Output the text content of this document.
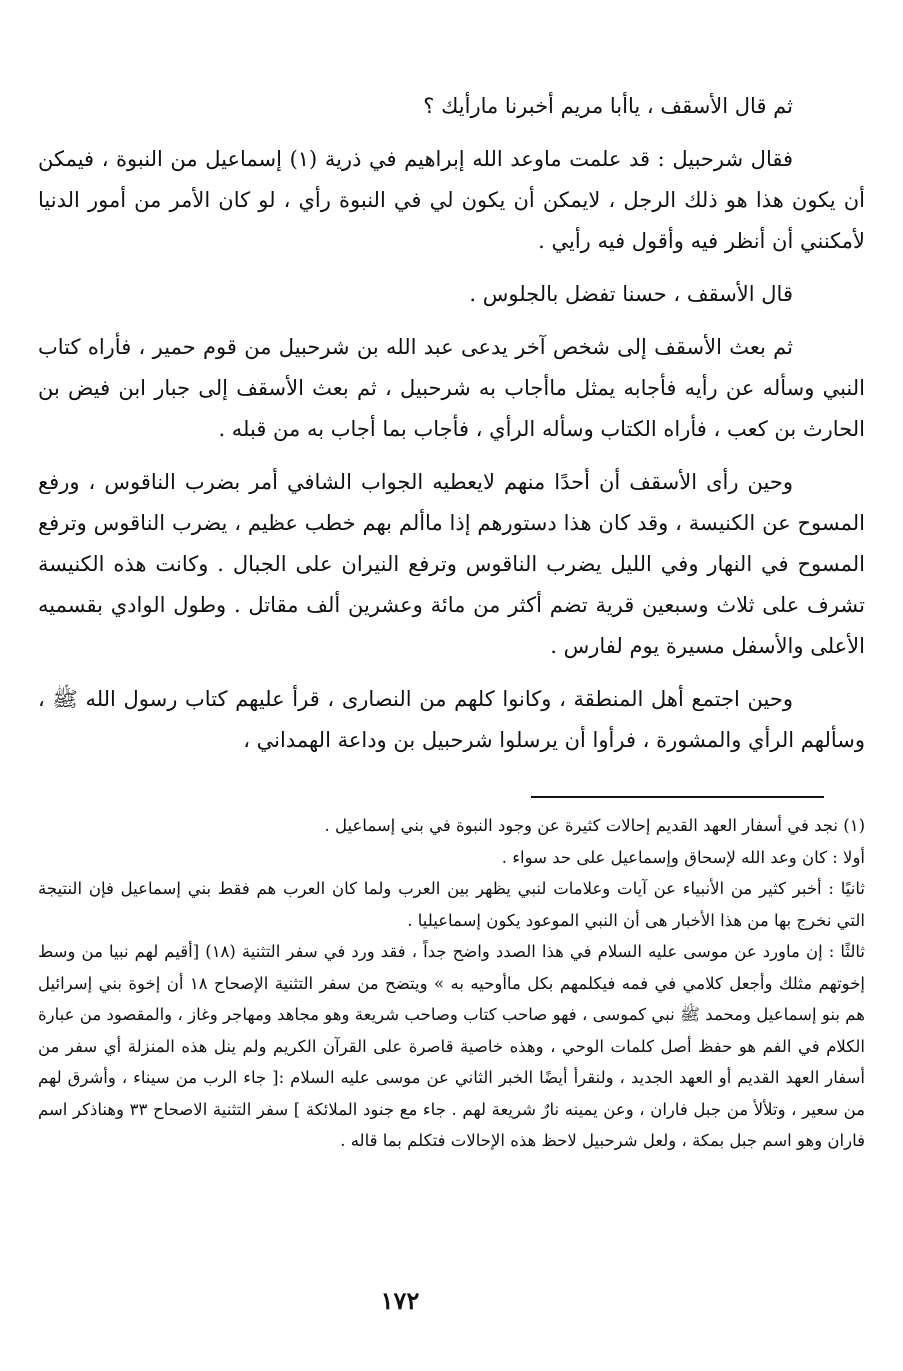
ثم قال الأسقف ، ياأبا مريم أخبرنا مارأيك ؟

فقال شرحبيل : قد علمت ماوعد الله إبراهيم في ذرية (١) إسماعيل من النبوة ، فيمكن أن يكون هذا هو ذلك الرجل ، لايمكن أن يكون لي في النبوة رأي ، لو كان الأمر من أمور الدنيا لأمكنني أن أنظر فيه وأقول فيه رأيي .

قال الأسقف ، حسنا تفضل بالجلوس .

ثم بعث الأسقف إلى شخص آخر يدعى عبد الله بن شرحبيل من قوم حمير ، فأراه كتاب النبي وسأله عن رأيه فأجابه يمثل ماأجاب به شرحبيل ، ثم بعث الأسقف إلى جبار ابن فيض بن الحارث بن كعب ، فأراه الكتاب وسأله الرأي ، فأجاب بما أجاب به من قبله .

وحين رأى الأسقف أن أحدًا منهم لايعطيه الجواب الشافي أمر بضرب الناقوس ، ورفع المسوح عن الكنيسة ، وقد كان هذا دستورهم إذا ماألم بهم خطب عظيم ، يضرب الناقوس وترفع المسوح في النهار وفي الليل يضرب الناقوس وترفع النيران على الجبال . وكانت هذه الكنيسة تشرف على ثلاث وسبعين قرية تضم أكثر من مائة وعشرين ألف مقاتل . وطول الوادي بقسميه الأعلى والأسفل مسيرة يوم لفارس .

وحين اجتمع أهل المنطقة ، وكانوا كلهم من النصارى ، قرأ عليهم كتاب رسول الله ﷺ ، وسألهم الرأي والمشورة ، فرأوا أن يرسلوا شرحبيل بن وداعة الهمداني ،

(١) نجد في أسفار العهد القديم إحالات كثيرة عن وجود النبوة في بني إسماعيل .

أولا : كان وعد الله لإسحاق وإسماعيل على حد سواء .

ثانيًا : أخبر كثير من الأنبياء عن آيات وعلامات لنبي يظهر بين العرب ولما كان العرب هم فقط بني إسماعيل فإن النتيجة التي نخرج بها من هذا الأخبار هى أن النبي الموعود يكون إسماعيليا .

ثالثًا : إن ماورد عن موسى عليه السلام في هذا الصدد واضح جداً ، فقد ورد في سفر التثنية (١٨) [أقيم لهم نبيا من وسط إخوتهم مثلك وأجعل كلامي في فمه فيكلمهم بكل ماأوحيه به » ويتضح من سفر التثنية الإصحاح ١٨ أن إخوة بني إسرائيل هم بنو إسماعيل ومحمد ﷺ نبي كموسى ، فهو صاحب كتاب وصاحب شريعة وهو مجاهد ومهاجر وغاز ، والمقصود من عبارة الكلام في الفم هو حفظ أصل كلمات الوحي ، وهذه خاصية قاصرة على القرآن الكريم ولم ينل هذه المنزلة أي سفر من أسفار العهد القديم أو العهد الجديد ، ولنقرأ أيضًا الخبر الثاني عن موسى عليه السلام :[ جاء الرب من سيناء ، وأشرق لهم من سعير ، وتلألأ من جبل فاران ، وعن يمينه نارٌ شريعة لهم . جاء مع جنود الملائكة ] سفر التثنية الاصحاح ٣٣ وهناذكر اسم فاران وهو اسم جبل بمكة ، ولعل شرحبيل لاحظ هذه الإحالات فتكلم بما قاله .

١٧٢
